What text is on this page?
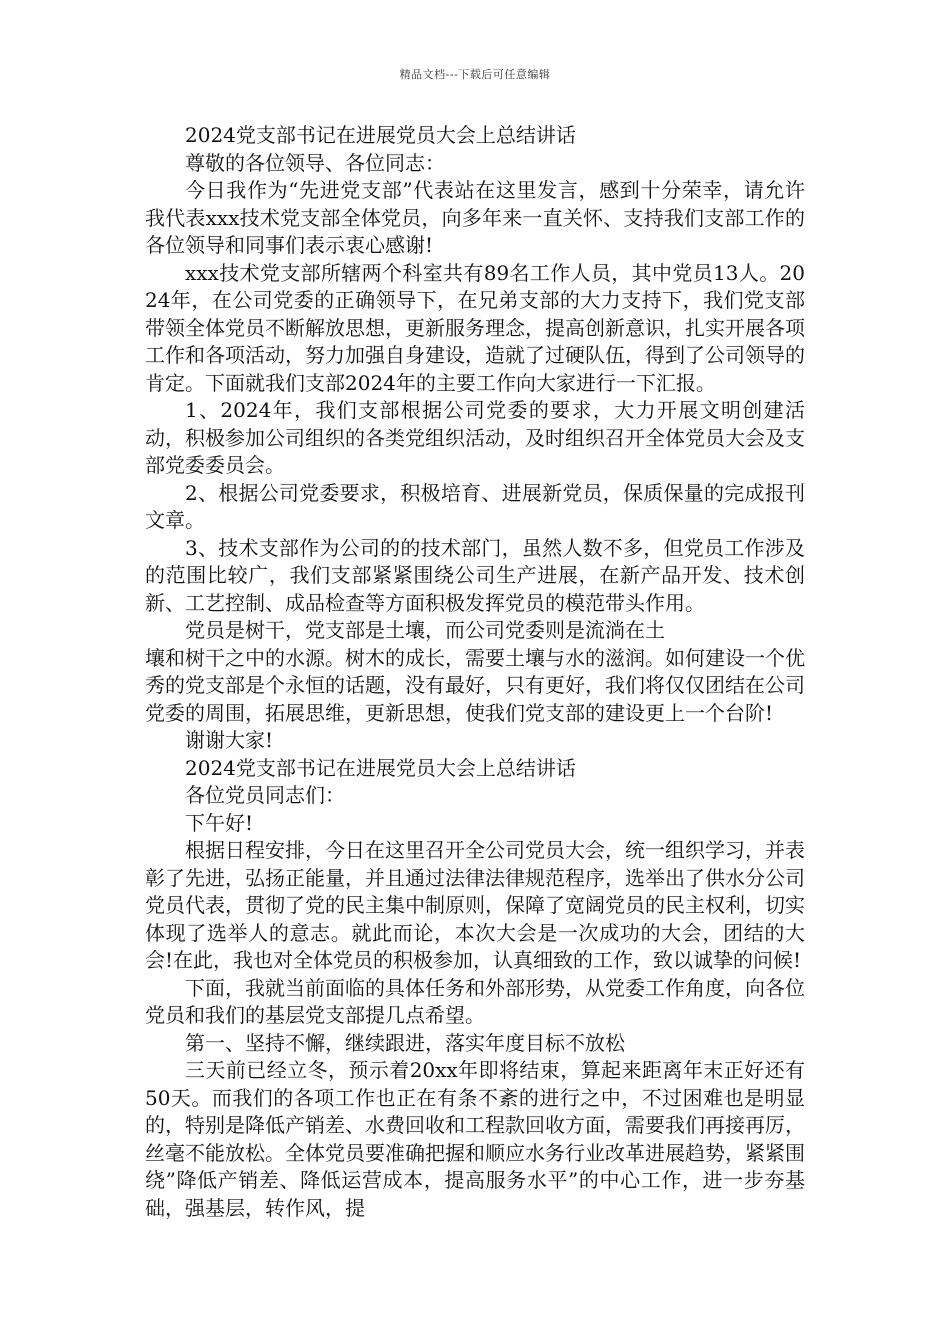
精品文档---下载后可任意编辑

2024党支部书记在进展党员大会上总结讲话

尊敬的各位领导、各位同志：

今日我作为“先进党支部”代表站在这里发言，感到十分荣幸，请允许我代表xxx技术党支部全体党员，向多年来一直关怀、支持我们支部工作的各位领导和同事们表示衷心感谢!

xxx技术党支部所辖两个科室共有89名工作人员，其中党员13人。2024年，在公司党委的正确领导下，在兄弟支部的大力支持下，我们党支部带领全体党员不断解放思想，更新服务理念，提高创新意识，扎实开展各项工作和各项活动，努力加强自身建设，造就了过硬队伍，得到了公司领导的肯定。下面就我们支部2024年的主要工作向大家进行一下汇报。

1、2024年，我们支部根据公司党委的要求，大力开展文明创建活动，积极参加公司组织的各类党组织活动，及时组织召开全体党员大会及支部党委委员会。

2、根据公司党委要求，积极培育、进展新党员，保质保量的完成报刊文章。

3、技术支部作为公司的的技术部门，虽然人数不多，但党员工作涉及的范围比较广，我们支部紧紧围绕公司生产进展，在新产品开发、技术创新、工艺控制、成品检查等方面积极发挥党员的模范带头作用。

党员是树干，党支部是土壤，而公司党委则是流淌在土

壤和树干之中的水源。树木的成长，需要土壤与水的滋润。如何建设一个优秀的党支部是个永恒的话题，没有最好，只有更好，我们将仅仅团结在公司党委的周围，拓展思维，更新思想，使我们党支部的建设更上一个台阶!

谢谢大家!

2024党支部书记在进展党员大会上总结讲话

各位党员同志们：

下午好!

根据日程安排，今日在这里召开全公司党员大会，统一组织学习，并表彰了先进，弘扬正能量，并且通过法律法律规范程序，选举出了供水分公司党员代表，贯彻了党的民主集中制原则，保障了宽阔党员的民主权利，切实体现了选举人的意志。就此而论，本次大会是一次成功的大会，团结的大会!在此，我也对全体党员的积极参加，认真细致的工作，致以诚挚的问候!

下面，我就当前面临的具体任务和外部形势，从党委工作角度，向各位党员和我们的基层党支部提几点希望。

第一、坚持不懈，继续跟进，落实年度目标不放松

三天前已经立冬，预示着20xx年即将结束，算起来距离年末正好还有50天。而我们的各项工作也正在有条不紊的进行之中，不过困难也是明显的，特别是降低产销差、水费回收和工程款回收方面，需要我们再接再厉，丝毫不能放松。全体党员要准确把握和顺应水务行业改革进展趋势，紧紧围绕”降低产销差、降低运营成本，提高服务水平”的中心工作，进一步夯基础，强基层，转作风，提
